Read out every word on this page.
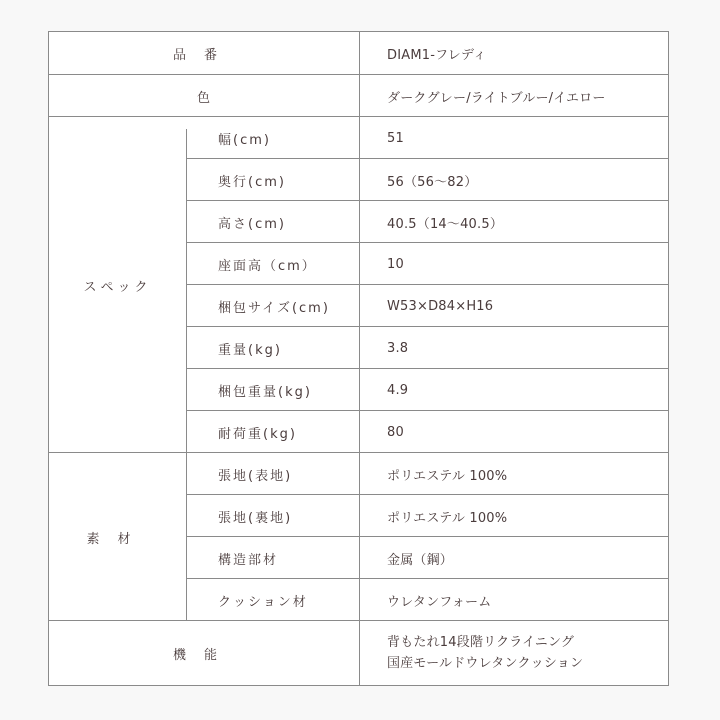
品番	DIAM1-フレディ
色	ダークグレー/ライトブルー/イエロー
スペック
幅(cm)	51
奥行(cm)	56（56〜82）
高さ(cm)	40.5（14〜40.5）
座面高（cm）	10
梱包サイズ(cm)	W53×D84×H16
重量(kg)	3.8
梱包重量(kg)	4.9
耐荷重(kg)	80
素材
張地(表地)	ポリエステル 100%
張地(裏地)	ポリエステル 100%
構造部材	金属（鋼）
クッション材	ウレタンフォーム
機能
背もたれ14段階リクライニング
国産モールドウレタンクッション
